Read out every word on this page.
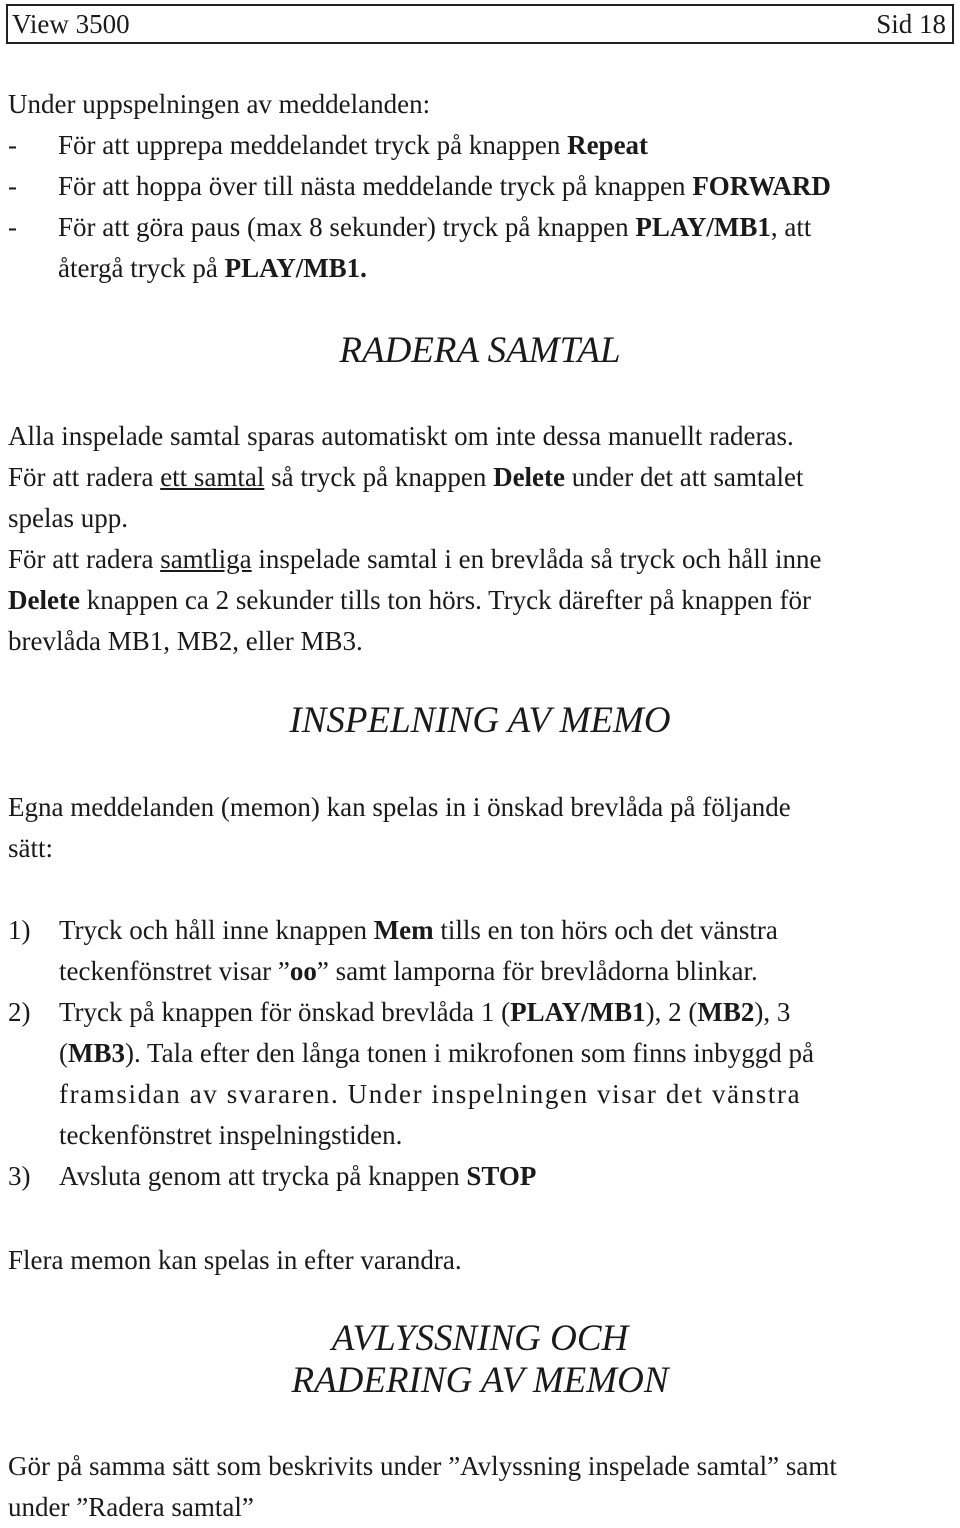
View 3500	Sid 18
Under uppspelningen av meddelanden:
- För att upprepa meddelandet tryck på knappen Repeat
- För att hoppa över till nästa meddelande tryck på knappen FORWARD
- För att göra paus (max 8 sekunder) tryck på knappen PLAY/MB1, att
återgå tryck på PLAY/MB1.
RADERA SAMTAL
Alla inspelade samtal sparas automatiskt om inte dessa manuellt raderas.
För att radera ett samtal så tryck på knappen Delete under det att samtalet
spelas upp.
För att radera samtliga inspelade samtal i en brevlåda så tryck och håll inne
Delete knappen ca 2 sekunder tills ton hörs. Tryck därefter på knappen för
brevlåda MB1, MB2, eller MB3.
INSPELNING AV MEMO
Egna meddelanden (memon) kan spelas in i önskad brevlåda på följande
sätt:
1) Tryck och håll inne knappen Mem tills en ton hörs och det vänstra
teckenfönstret visar ”oo” samt lamporna för brevlådorna blinkar.
2) Tryck på knappen för önskad brevlåda 1 (PLAY/MB1), 2 (MB2), 3
(MB3). Tala efter den långa tonen i mikrofonen som finns inbyggd på
framsidan av svararen. Under inspelningen visar det vänstra
teckenfönstret inspelningstiden.
3) Avsluta genom att trycka på knappen STOP
Flera memon kan spelas in efter varandra.
AVLYSSNING OCH
RADERING AV MEMON
Gör på samma sätt som beskrivits under ”Avlyssning inspelade samtal” samt
under ”Radera samtal”
